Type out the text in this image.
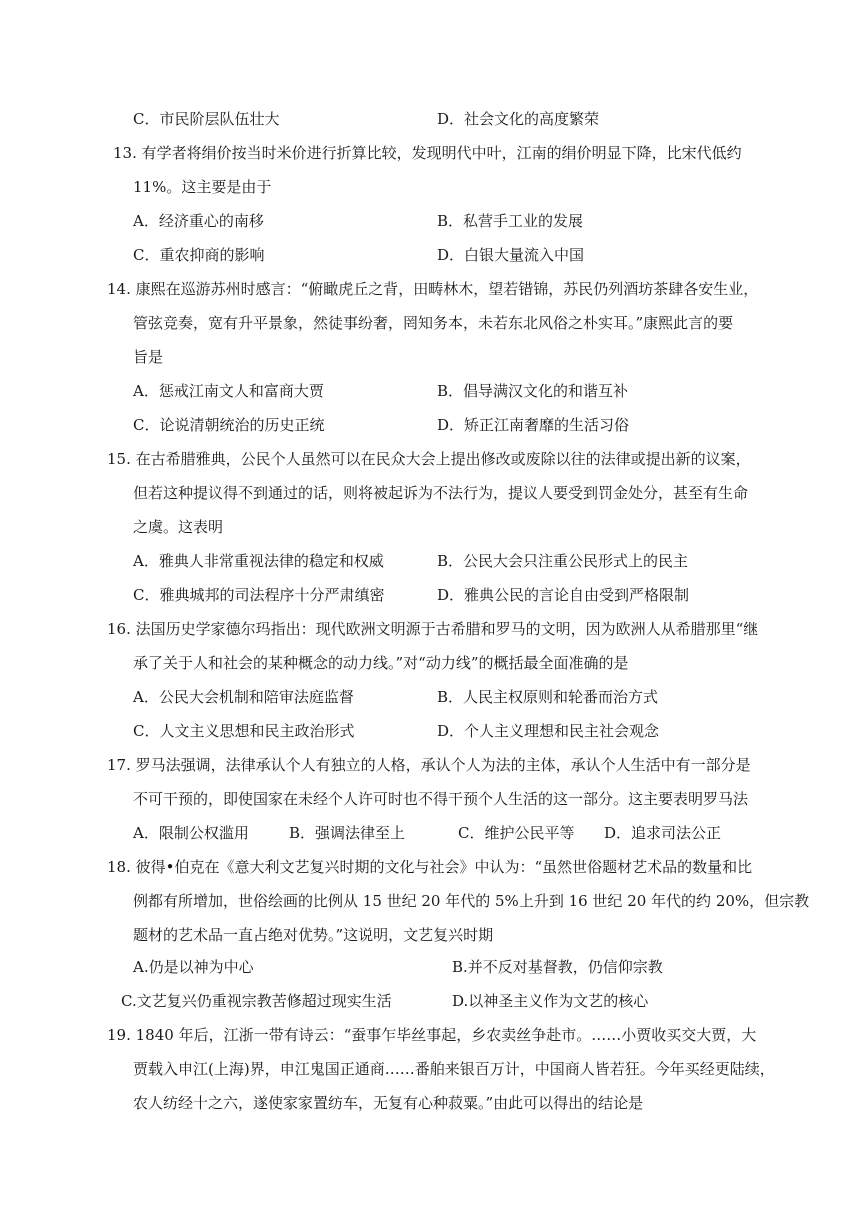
C．市民阶层队伍壮大	D．社会文化的高度繁荣
13. 有学者将绢价按当时米价进行折算比较，发现明代中叶，江南的绢价明显下降，比宋代低约
11%。这主要是由于
A．经济重心的南移	B．私营手工业的发展
C．重农抑商的影响	D．白银大量流入中国
14. 康熙在巡游苏州时感言：“俯瞰虎丘之背，田畴林木，望若错锦，苏民仍列酒坊茶肆各安生业，
管弦竞奏，宽有升平景象，然徒事纷奢，罔知务本，未若东北风俗之朴实耳。”康熙此言的要
旨是
A．惩戒江南文人和富商大贾	B．倡导满汉文化的和谐互补
C．论说清朝统治的历史正统	D．矫正江南奢靡的生活习俗
15. 在古希腊雅典，公民个人虽然可以在民众大会上提出修改或废除以往的法律或提出新的议案，
但若这种提议得不到通过的话，则将被起诉为不法行为，提议人要受到罚金处分，甚至有生命
之虞。这表明
A．雅典人非常重视法律的稳定和权威	B．公民大会只注重公民形式上的民主
C．雅典城邦的司法程序十分严肃缜密	D．雅典公民的言论自由受到严格限制
16. 法国历史学家德尔玛指出：现代欧洲文明源于古希腊和罗马的文明，因为欧洲人从希腊那里“继
承了关于人和社会的某种概念的动力线。”对“动力线”的概括最全面准确的是
A．公民大会机制和陪审法庭监督	B．人民主权原则和轮番而治方式
C．人文主义思想和民主政治形式	D．个人主义理想和民主社会观念
17. 罗马法强调，法律承认个人有独立的人格，承认个人为法的主体，承认个人生活中有一部分是
不可干预的，即使国家在未经个人许可时也不得干预个人生活的这一部分。这主要表明罗马法
A．限制公权滥用	B．强调法律至上	C．维护公民平等 D．追求司法公正
18. 彼得•伯克在《意大利文艺复兴时期的文化与社会》中认为：“虽然世俗题材艺术品的数量和比
例都有所增加，世俗绘画的比例从 15 世纪 20 年代的 5%上升到 16 世纪 20 年代的约 20%，但宗教
题材的艺术品一直占绝对优势。”这说明，文艺复兴时期
A.仍是以神为中心	B.并不反对基督教，仍信仰宗教
C.文艺复兴仍重视宗教苦修超过现实生活	D.以神圣主义作为文艺的核心
19. 1840 年后，江浙一带有诗云：“蚕事乍毕丝事起，乡农卖丝争赴市。……小贾收买交大贾，大
贾载入申江(上海)界，申江鬼国正通商……番舶来银百万计，中国商人皆若狂。今年买经更陆续，
农人纺经十之六，遂使家家置纺车，无复有心种菽粟。”由此可以得出的结论是
